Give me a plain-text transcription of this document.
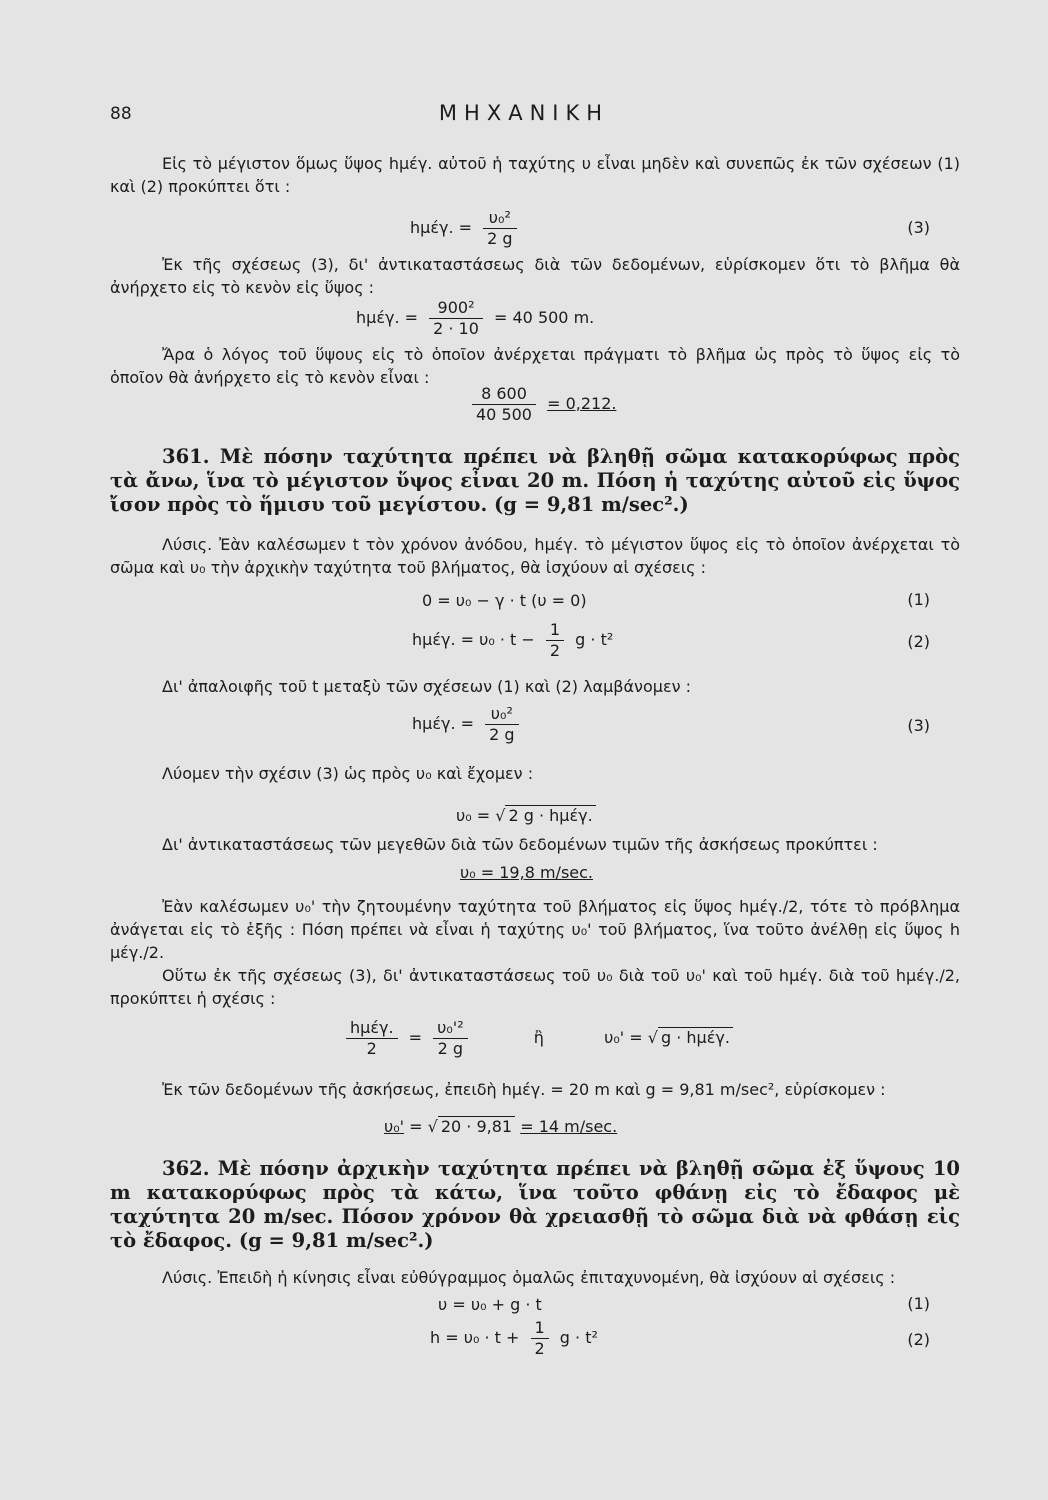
88	ΜΗΧΑΝΙΚΗ
Εἰς τὸ μέγιστον ὅμως ὕψος hμέγ. αὐτοῦ ἡ ταχύτης υ εἶναι μηδὲν καὶ συνεπῶς ἐκ τῶν σχέσεων (1) καὶ (2) προκύπτει ὅτι :
hμέγ. = $\frac{\text{υ₀²}}{2 g}$	(3)
Ἐκ τῆς σχέσεως (3), δι' ἀντικαταστάσεως διὰ τῶν δεδομένων, εὑρίσκομεν ὅτι τὸ βλῆμα θὰ ἀνήρχετο εἰς τὸ κενὸν εἰς ὕψος :
hμέγ. = $\frac{\text{900²}}{2 \cdot 10} = 40$ 500 m.
Ἄρα ὁ λόγος τοῦ ὕψους εἰς τὸ ὁποῖον ἀνέρχεται πράγματι τὸ βλῆμα ὡς πρὸς τὸ ὕψος εἰς τὸ ὁποῖον θὰ ἀνήρχετο εἰς τὸ κενὸν εἶναι :
$\frac{8 600}{40 500} = 0,212$.
361. Μὲ πόσην ταχύτητα πρέπει νὰ βληθῇ σῶμα κατακορύφως πρὸς τὰ ἄνω, ἵνα τὸ μέγιστον ὕψος εἶναι 20 m. Πόση ἡ ταχύτης αὐτοῦ εἰς ὕψος ἴσον πρὸς τὸ ἥμισυ τοῦ μεγίστου. (g = 9,81 m/sec².)
Λύσις. Ἐὰν καλέσωμεν t τὸν χρόνον ἀνόδου, hμέγ. τὸ μέγιστον ὕψος εἰς τὸ ὁποῖον ἀνέρχεται τὸ σῶμα καὶ υ₀ τὴν ἀρχικὴν ταχύτητα τοῦ βλήματος, θὰ ἰσχύουν αἱ σχέσεις :
0 = υ₀ − γ · t (υ = 0)	(1)
hμέγ. = $\upsilon_0 \cdot t - \frac{1}{2}$ g · t²	(2)
Δι' ἀπαλοιφῆς τοῦ t μεταξὺ τῶν σχέσεων (1) καὶ (2) λαμβάνομεν :
hμέγ. = $\frac{\text{υ₀²}}{2 g}$	(3)
Λύομεν τὴν σχέσιν (3) ὡς πρὸς υ₀ καὶ ἔχομεν :
υ₀ = √ 2 g · hμέγ.
Δι' ἀντικαταστάσεως τῶν μεγεθῶν διὰ τῶν δεδομένων τιμῶν τῆς ἀσκήσεως προκύπτει :
υ₀ = 19,8 m/sec.
Ἐὰν καλέσωμεν υ₀' τὴν ζητουμένην ταχύτητα τοῦ βλήματος εἰς ὕψος hμέγ./2, τότε τὸ πρόβλημα ἀνάγεται εἰς τὸ ἑξῆς : Πόση πρέπει νὰ εἶναι ἡ ταχύτης υ₀' τοῦ βλήματος, ἵνα τοῦτο ἀνέλθῃ εἰς ὕψος h μέγ./2.
Οὕτω ἐκ τῆς σχέσεως (3), δι' ἀντικαταστάσεως τοῦ υ₀ διὰ τοῦ υ₀' καὶ τοῦ hμέγ. διὰ τοῦ hμέγ./2, προκύπτει ἡ σχέσις :
$\frac{\text{hμέγ.}}{2} = \frac{\text{υ₀'²}}{2 g}$	ἢ	υ₀' = √ g · hμέγ.
Ἐκ τῶν δεδομένων τῆς ἀσκήσεως, ἐπειδὴ hμέγ. = 20 m καὶ g = 9,81 m/sec², εὑρίσκομεν :
υ₀' = √ 20 · 9,81 = 14 m/sec.
362. Μὲ πόσην ἀρχικὴν ταχύτητα πρέπει νὰ βληθῇ σῶμα ἐξ ὕψους 10 m κατακορύφως πρὸς τὰ κάτω, ἵνα τοῦτο φθάνῃ εἰς τὸ ἔδαφος μὲ ταχύτητα 20 m/sec. Πόσον χρόνον θὰ χρειασθῇ τὸ σῶμα διὰ νὰ φθάσῃ εἰς τὸ ἔδαφος. (g = 9,81 m/sec².)
Λύσις. Ἐπειδὴ ἡ κίνησις εἶναι εὐθύγραμμος ὁμαλῶς ἐπιταχυνομένη, θὰ ἰσχύουν αἱ σχέσεις :
υ = υ₀ + g · t	(1)
$h = \upsilon_0 \cdot t + \frac{1}{2}$ g · t²	(2)
